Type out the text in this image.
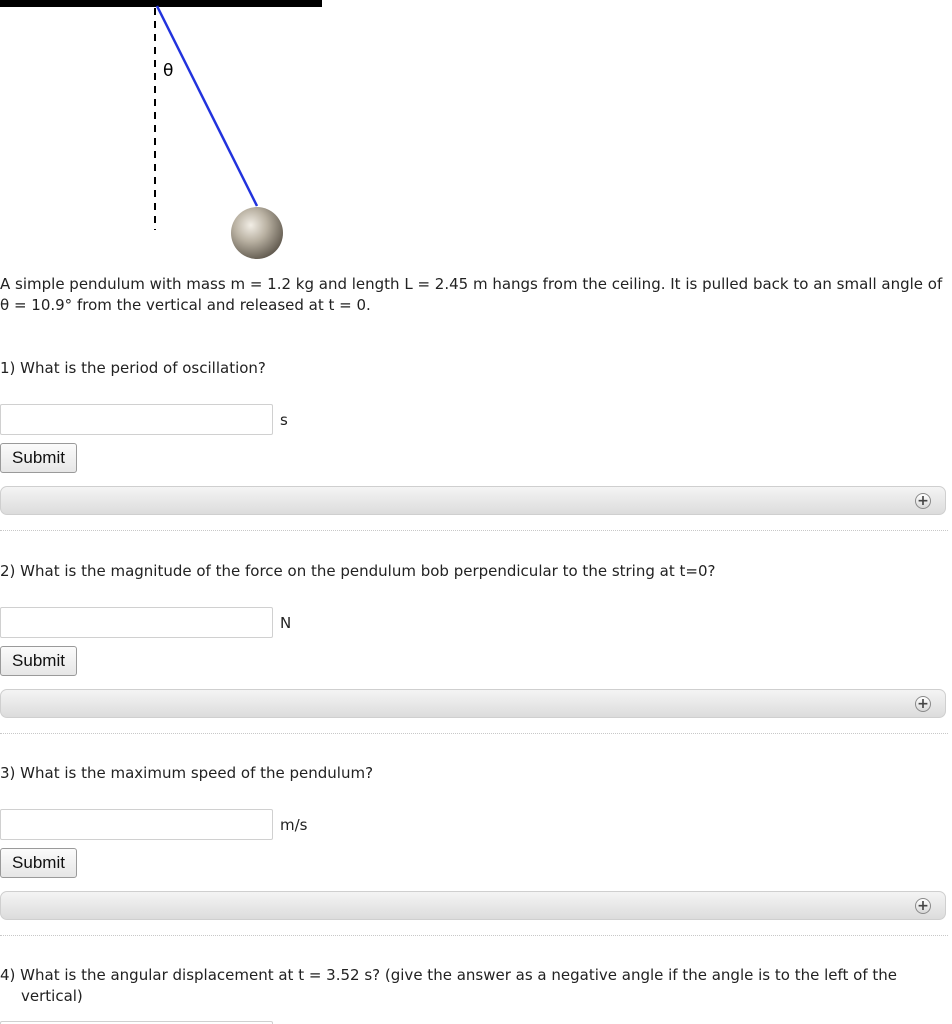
θ

A simple pendulum with mass m = 1.2 kg and length L = 2.45 m hangs from the ceiling. It is pulled back to an small angle of θ = 10.9° from the vertical and released at t = 0.

1) What is the period of oscillation?

s
Submit
+

2) What is the magnitude of the force on the pendulum bob perpendicular to the string at t=0?

N
Submit
+

3) What is the maximum speed of the pendulum?

m/s
Submit
+

4) What is the angular displacement at t = 3.52 s? (give the answer as a negative angle if the angle is to the left of the vertical)
